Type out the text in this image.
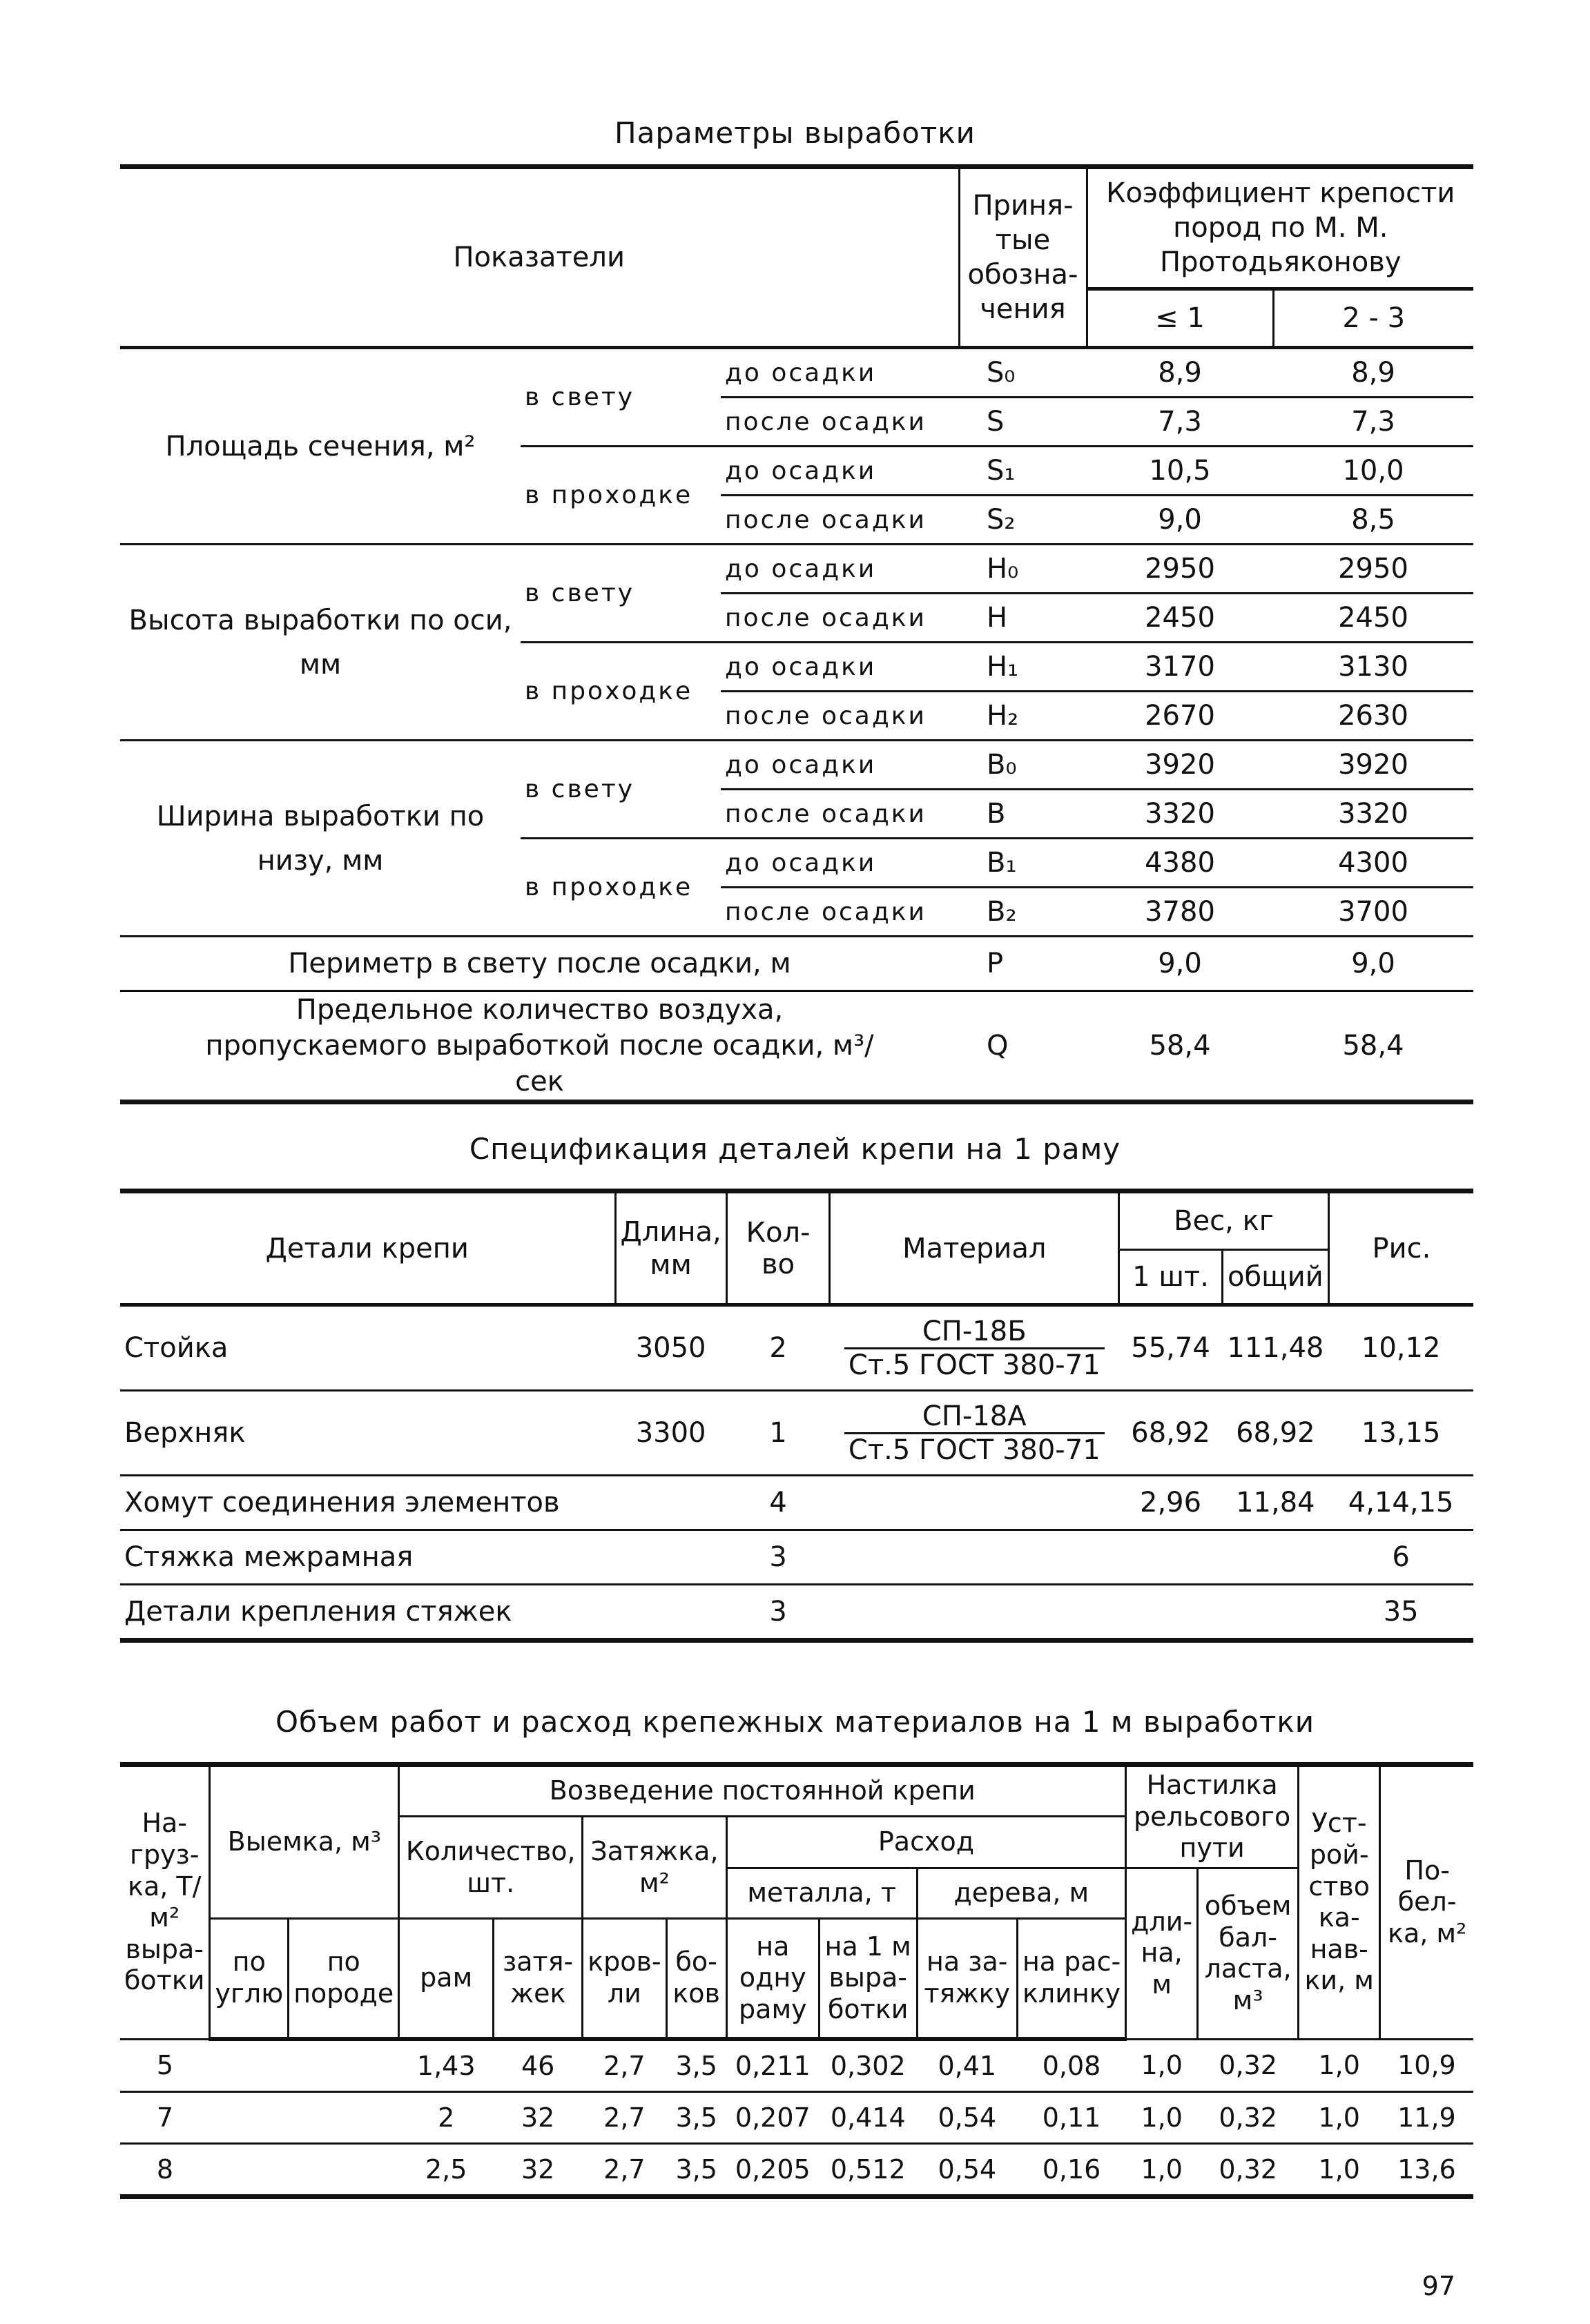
Параметры выработки
Показатели			Приня-тые обозна-чения	Коэффициент крепости пород по М. М. Протодьяконову	
				≤ 1	2 - 3
Площадь сечения, м²	в свету	до осадки	S₀	8,9	8,9
		после осадки	S	7,3	7,3
	в проходке	до осадки	S₁	10,5	10,0
		после осадки	S₂	9,0	8,5
Высота выработки по оси, мм	в свету	до осадки	H₀	2950	2950
		после осадки	H	2450	2450
	в проходке	до осадки	H₁	3170	3130
		после осадки	H₂	2670	2630
Ширина выработки по низу, мм	в свету	до осадки	B₀	3920	3920
		после осадки	B	3320	3320
	в проходке	до осадки	B₁	4380	4300
		после осадки	B₂	3780	3700
Периметр в свету после осадки, м			P	9,0	9,0
Предельное количество воздуха, пропускаемого выработкой после осадки, м³/сек			Q	58,4	58,4
Спецификация деталей крепи на 1 раму
Детали крепи	Длина, мм	Кол-во	Материал	Вес, кг		Рис.
				1 шт.	общий	
Стойка	3050	2	$\frac{СП-18Б}{\text{Ст.5 ГОСТ 380-71}}$	55,74	111,48	10,12
Верхняк	3300	1	$\frac{СП-18А}{\text{Ст.5 ГОСТ 380-71}}$	68,92	68,92	13,15
Хомут соединения элементов		4		2,96	11,84	4,14,15
Стяжка межрамная		3				6
Детали крепления стяжек		3				35
Объем работ и расход крепежных материалов на 1 м выработки
На-груз-ка, Т/м² выра-ботки	Выемка, м³		Возведение постоянной крепи								Настилка рельсового пути		Уст-рой-ство ка-нав-ки, м	По-бел-ка, м²
			Количество, шт.		Затяжка, м²		Расход							
							металла, т		дерева, м		дли-на, м	объем бал-ласта, м³		
	по углю	по породе	рам	затя-жек	кров-ли	бо-ков	на одну раму	на 1 м выра-ботки	на за-тяжку	на рас-клинку				
5			1,43	46	2,7	3,5	0,211	0,302	0,41	0,08	1,0	0,32	1,0	10,9
7			2	32	2,7	3,5	0,207	0,414	0,54	0,11	1,0	0,32	1,0	11,9
8			2,5	32	2,7	3,5	0,205	0,512	0,54	0,16	1,0	0,32	1,0	13,6
97
